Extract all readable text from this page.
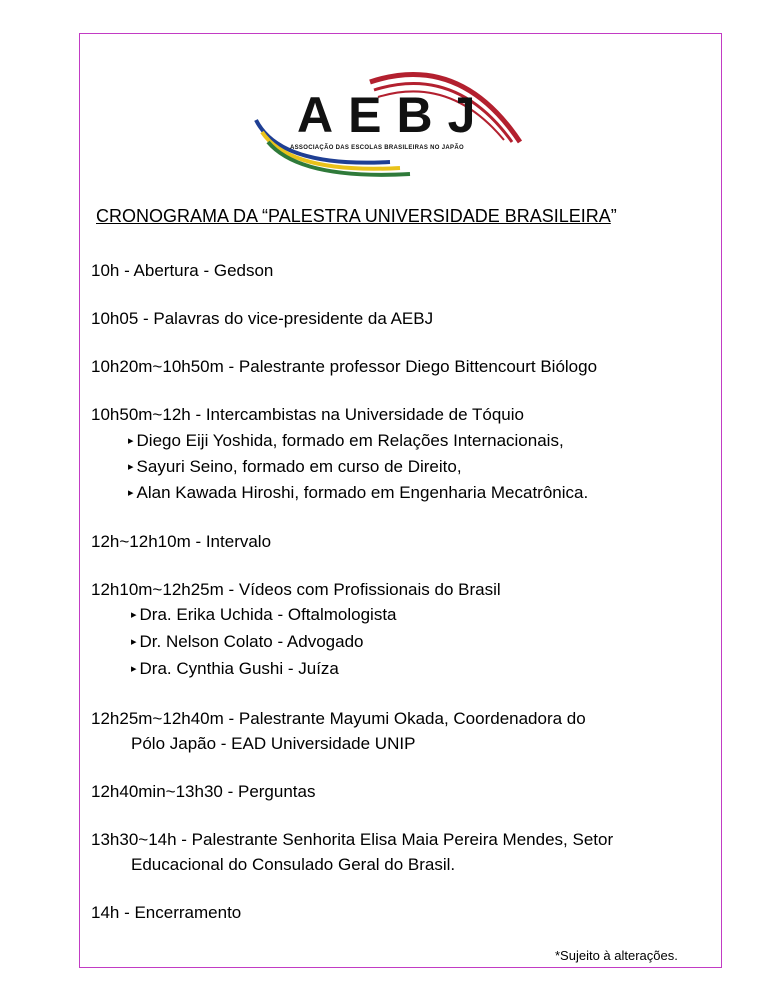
AEBJ
ASSOCIAÇÃO DAS ESCOLAS BRASILEIRAS NO JAPÃO
CRONOGRAMA DA “PALESTRA UNIVERSIDADE BRASILEIRA”
10h - Abertura - Gedson
10h05 - Palavras do vice-presidente da AEBJ
10h20m~10h50m - Palestrante professor Diego Bittencourt Biólogo
10h50m~12h - Intercambistas na Universidade de Tóquio
▸ Diego Eiji Yoshida, formado em Relações Internacionais,
▸ Sayuri Seino, formado em curso de Direito,
▸ Alan Kawada Hiroshi, formado em Engenharia Mecatrônica.
12h~12h10m - Intervalo
12h10m~12h25m - Vídeos com Profissionais do Brasil
▸ Dra. Erika Uchida - Oftalmologista
▸ Dr. Nelson Colato - Advogado
▸ Dra. Cynthia Gushi - Juíza
12h25m~12h40m - Palestrante Mayumi Okada, Coordenadora do
Pólo Japão - EAD Universidade UNIP
12h40min~13h30 - Perguntas
13h30~14h - Palestrante Senhorita Elisa Maia Pereira Mendes, Setor
Educacional do Consulado Geral do Brasil.
14h - Encerramento
*Sujeito à alterações.
